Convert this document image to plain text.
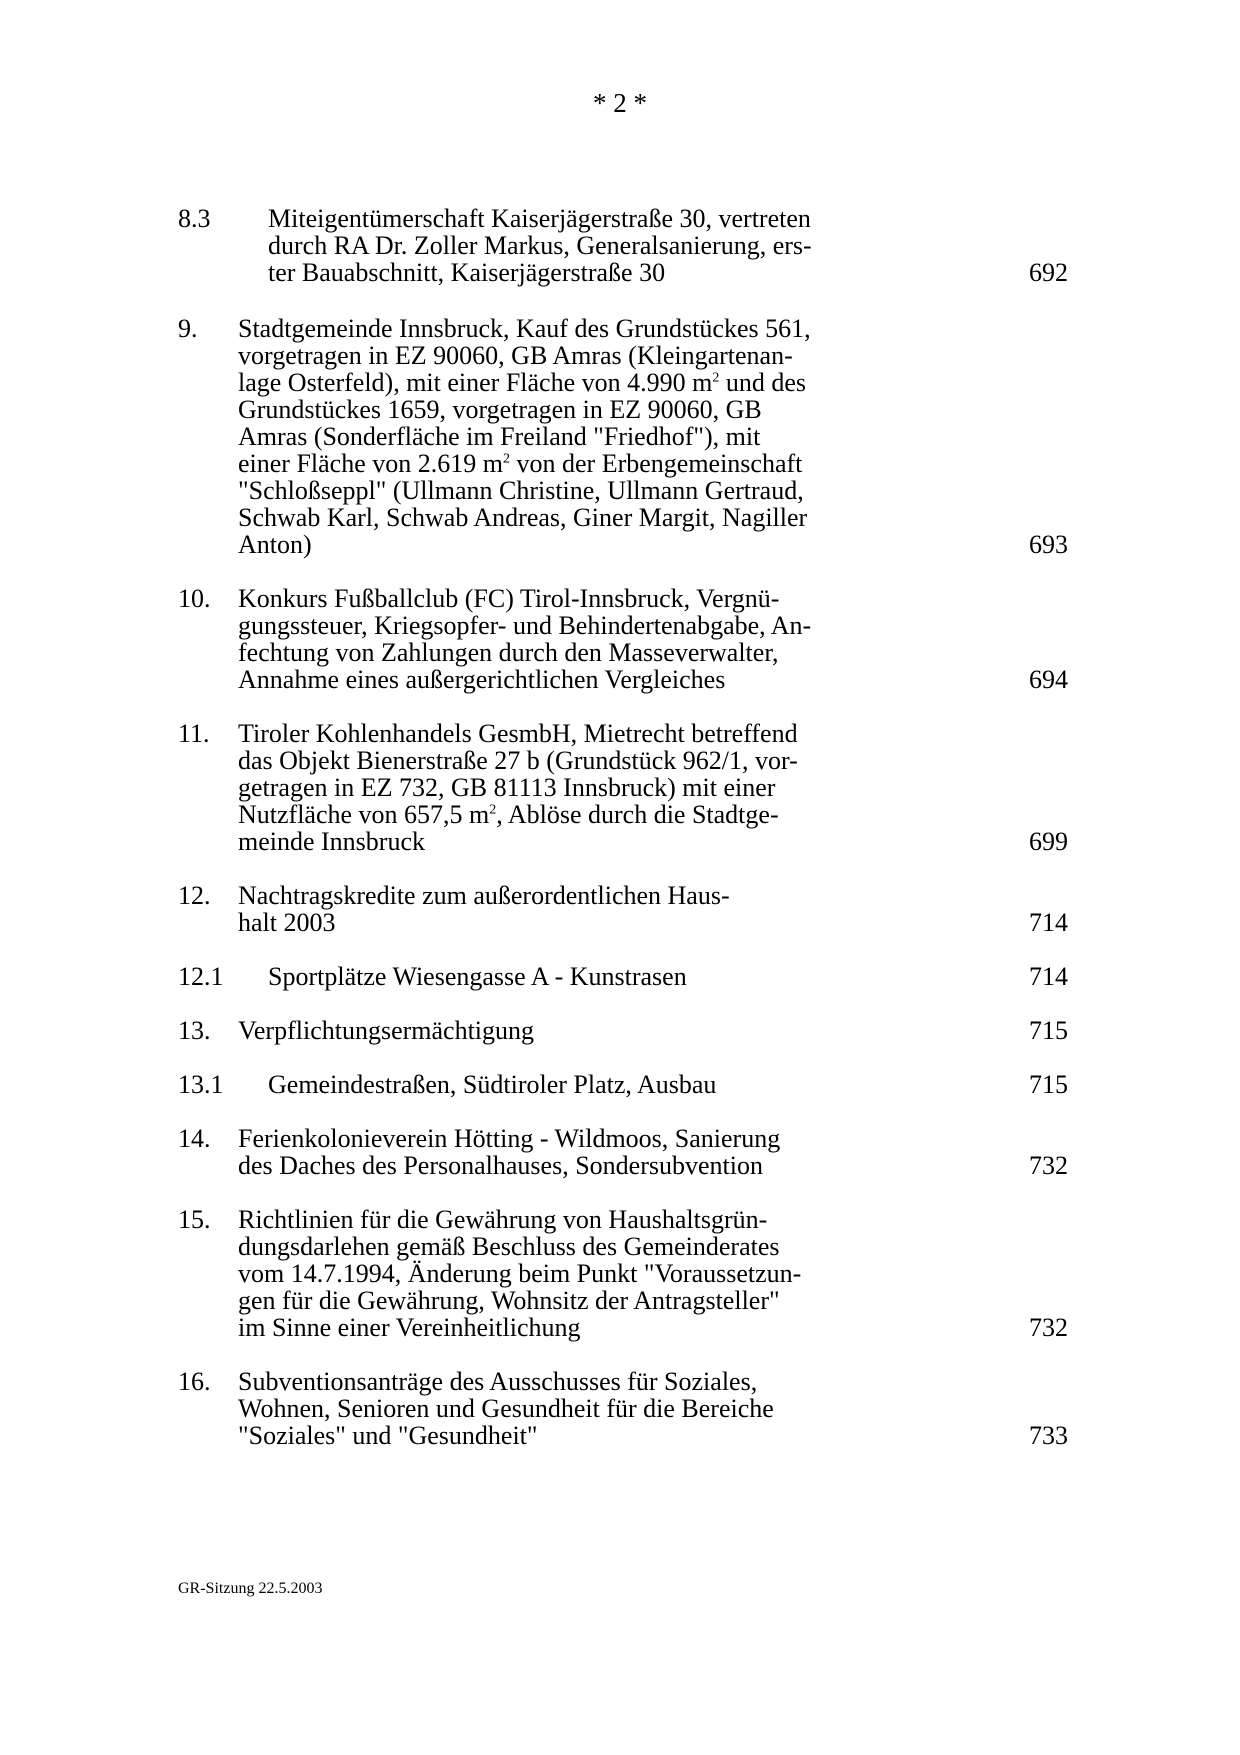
* 2 *
8.3 Miteigentümerschaft Kaiserjägerstraße 30, vertreten
durch RA Dr. Zoller Markus, Generalsanierung, ers-
ter Bauabschnitt, Kaiserjägerstraße 30	692
9. Stadtgemeinde Innsbruck, Kauf des Grundstückes 561,
vorgetragen in EZ 90060, GB Amras (Kleingartenan-
lage Osterfeld), mit einer Fläche von 4.990 $m^2$ und des
Grundstückes 1659, vorgetragen in EZ 90060, GB
Amras (Sonderfläche im Freiland "Friedhof"), mit
einer Fläche von 2.619 $m^2$ von der Erbengemeinschaft
"Schloßseppl" (Ullmann Christine, Ullmann Gertraud,
Schwab Karl, Schwab Andreas, Giner Margit, Nagiller
Anton)	693
10. Konkurs Fußballclub (FC) Tirol-Innsbruck, Vergnü-
gungssteuer, Kriegsopfer- und Behindertenabgabe, An-
fechtung von Zahlungen durch den Masseverwalter,
Annahme eines außergerichtlichen Vergleiches	694
11. Tiroler Kohlenhandels GesmbH, Mietrecht betreffend
das Objekt Bienerstraße 27 b (Grundstück 962/1, vor-
getragen in EZ 732, GB 81113 Innsbruck) mit einer
Nutzfläche von 657,5 $m^2$, Ablöse durch die Stadtge-
meinde Innsbruck	699
12. Nachtragskredite zum außerordentlichen Haus-
halt 2003	714
12.1 Sportplätze Wiesengasse A - Kunstrasen	714
13. Verpflichtungsermächtigung	715
13.1 Gemeindestraßen, Südtiroler Platz, Ausbau	715
14. Ferienkolonieverein Hötting - Wildmoos, Sanierung
des Daches des Personalhauses, Sondersubvention	732
15. Richtlinien für die Gewährung von Haushaltsgrün-
dungsdarlehen gemäß Beschluss des Gemeinderates
vom 14.7.1994, Änderung beim Punkt "Voraussetzun-
gen für die Gewährung, Wohnsitz der Antragsteller"
im Sinne einer Vereinheitlichung	732
16. Subventionsanträge des Ausschusses für Soziales,
Wohnen, Senioren und Gesundheit für die Bereiche
"Soziales" und "Gesundheit"	733
GR-Sitzung 22.5.2003
